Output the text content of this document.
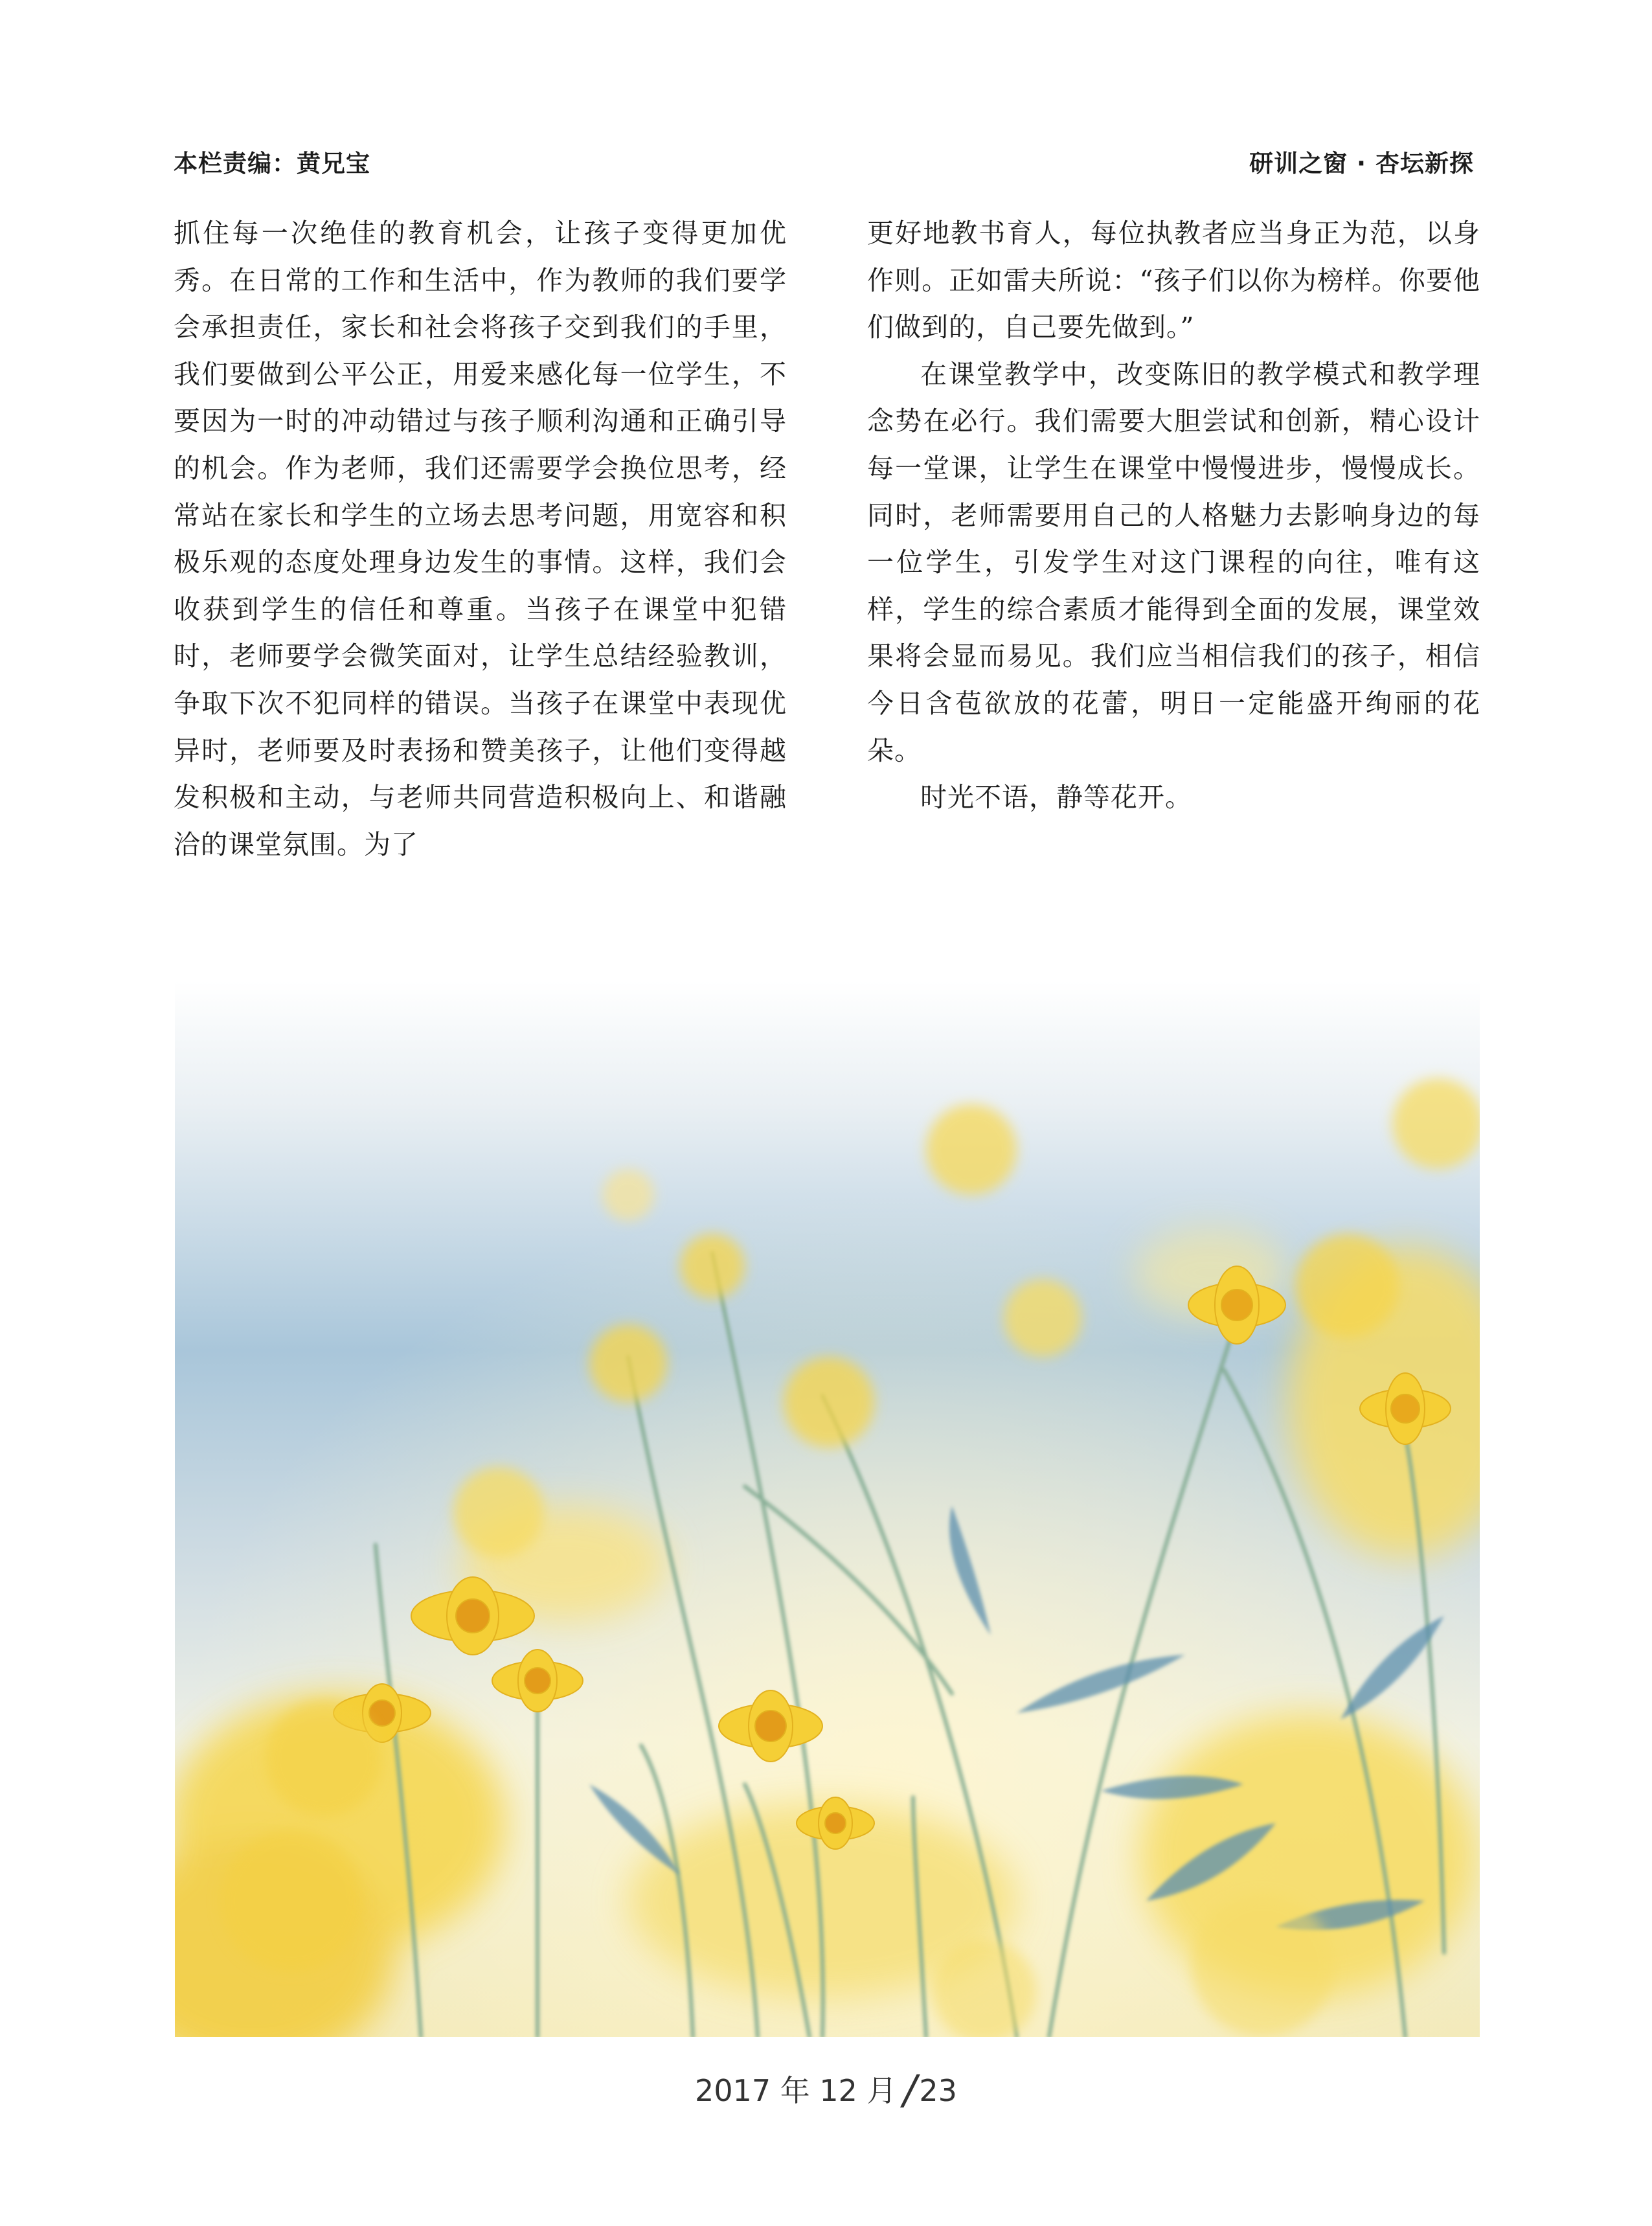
本栏责编：黄兄宝	研训之窗 · 杏坛新探

抓住每一次绝佳的教育机会，让孩子变得更加优秀。在日常的工作和生活中，作为教师的我们要学会承担责任，家长和社会将孩子交到我们的手里，我们要做到公平公正，用爱来感化每一位学生，不要因为一时的冲动错过与孩子顺利沟通和正确引导的机会。作为老师，我们还需要学会换位思考，经常站在家长和学生的立场去思考问题，用宽容和积极乐观的态度处理身边发生的事情。这样，我们会收获到学生的信任和尊重。当孩子在课堂中犯错时，老师要学会微笑面对，让学生总结经验教训，争取下次不犯同样的错误。当孩子在课堂中表现优异时，老师要及时表扬和赞美孩子，让他们变得越发积极和主动，与老师共同营造积极向上、和谐融洽的课堂氛围。为了

更好地教书育人，每位执教者应当身正为范，以身作则。正如雷夫所说：“孩子们以你为榜样。你要他们做到的，自己要先做到。”

在课堂教学中，改变陈旧的教学模式和教学理念势在必行。我们需要大胆尝试和创新，精心设计每一堂课，让学生在课堂中慢慢进步，慢慢成长。同时，老师需要用自己的人格魅力去影响身边的每一位学生，引发学生对这门课程的向往，唯有这样，学生的综合素质才能得到全面的发展，课堂效果将会显而易见。我们应当相信我们的孩子，相信今日含苞欲放的花蕾，明日一定能盛开绚丽的花朵。

时光不语，静等花开。

2017 年 12 月 /23
